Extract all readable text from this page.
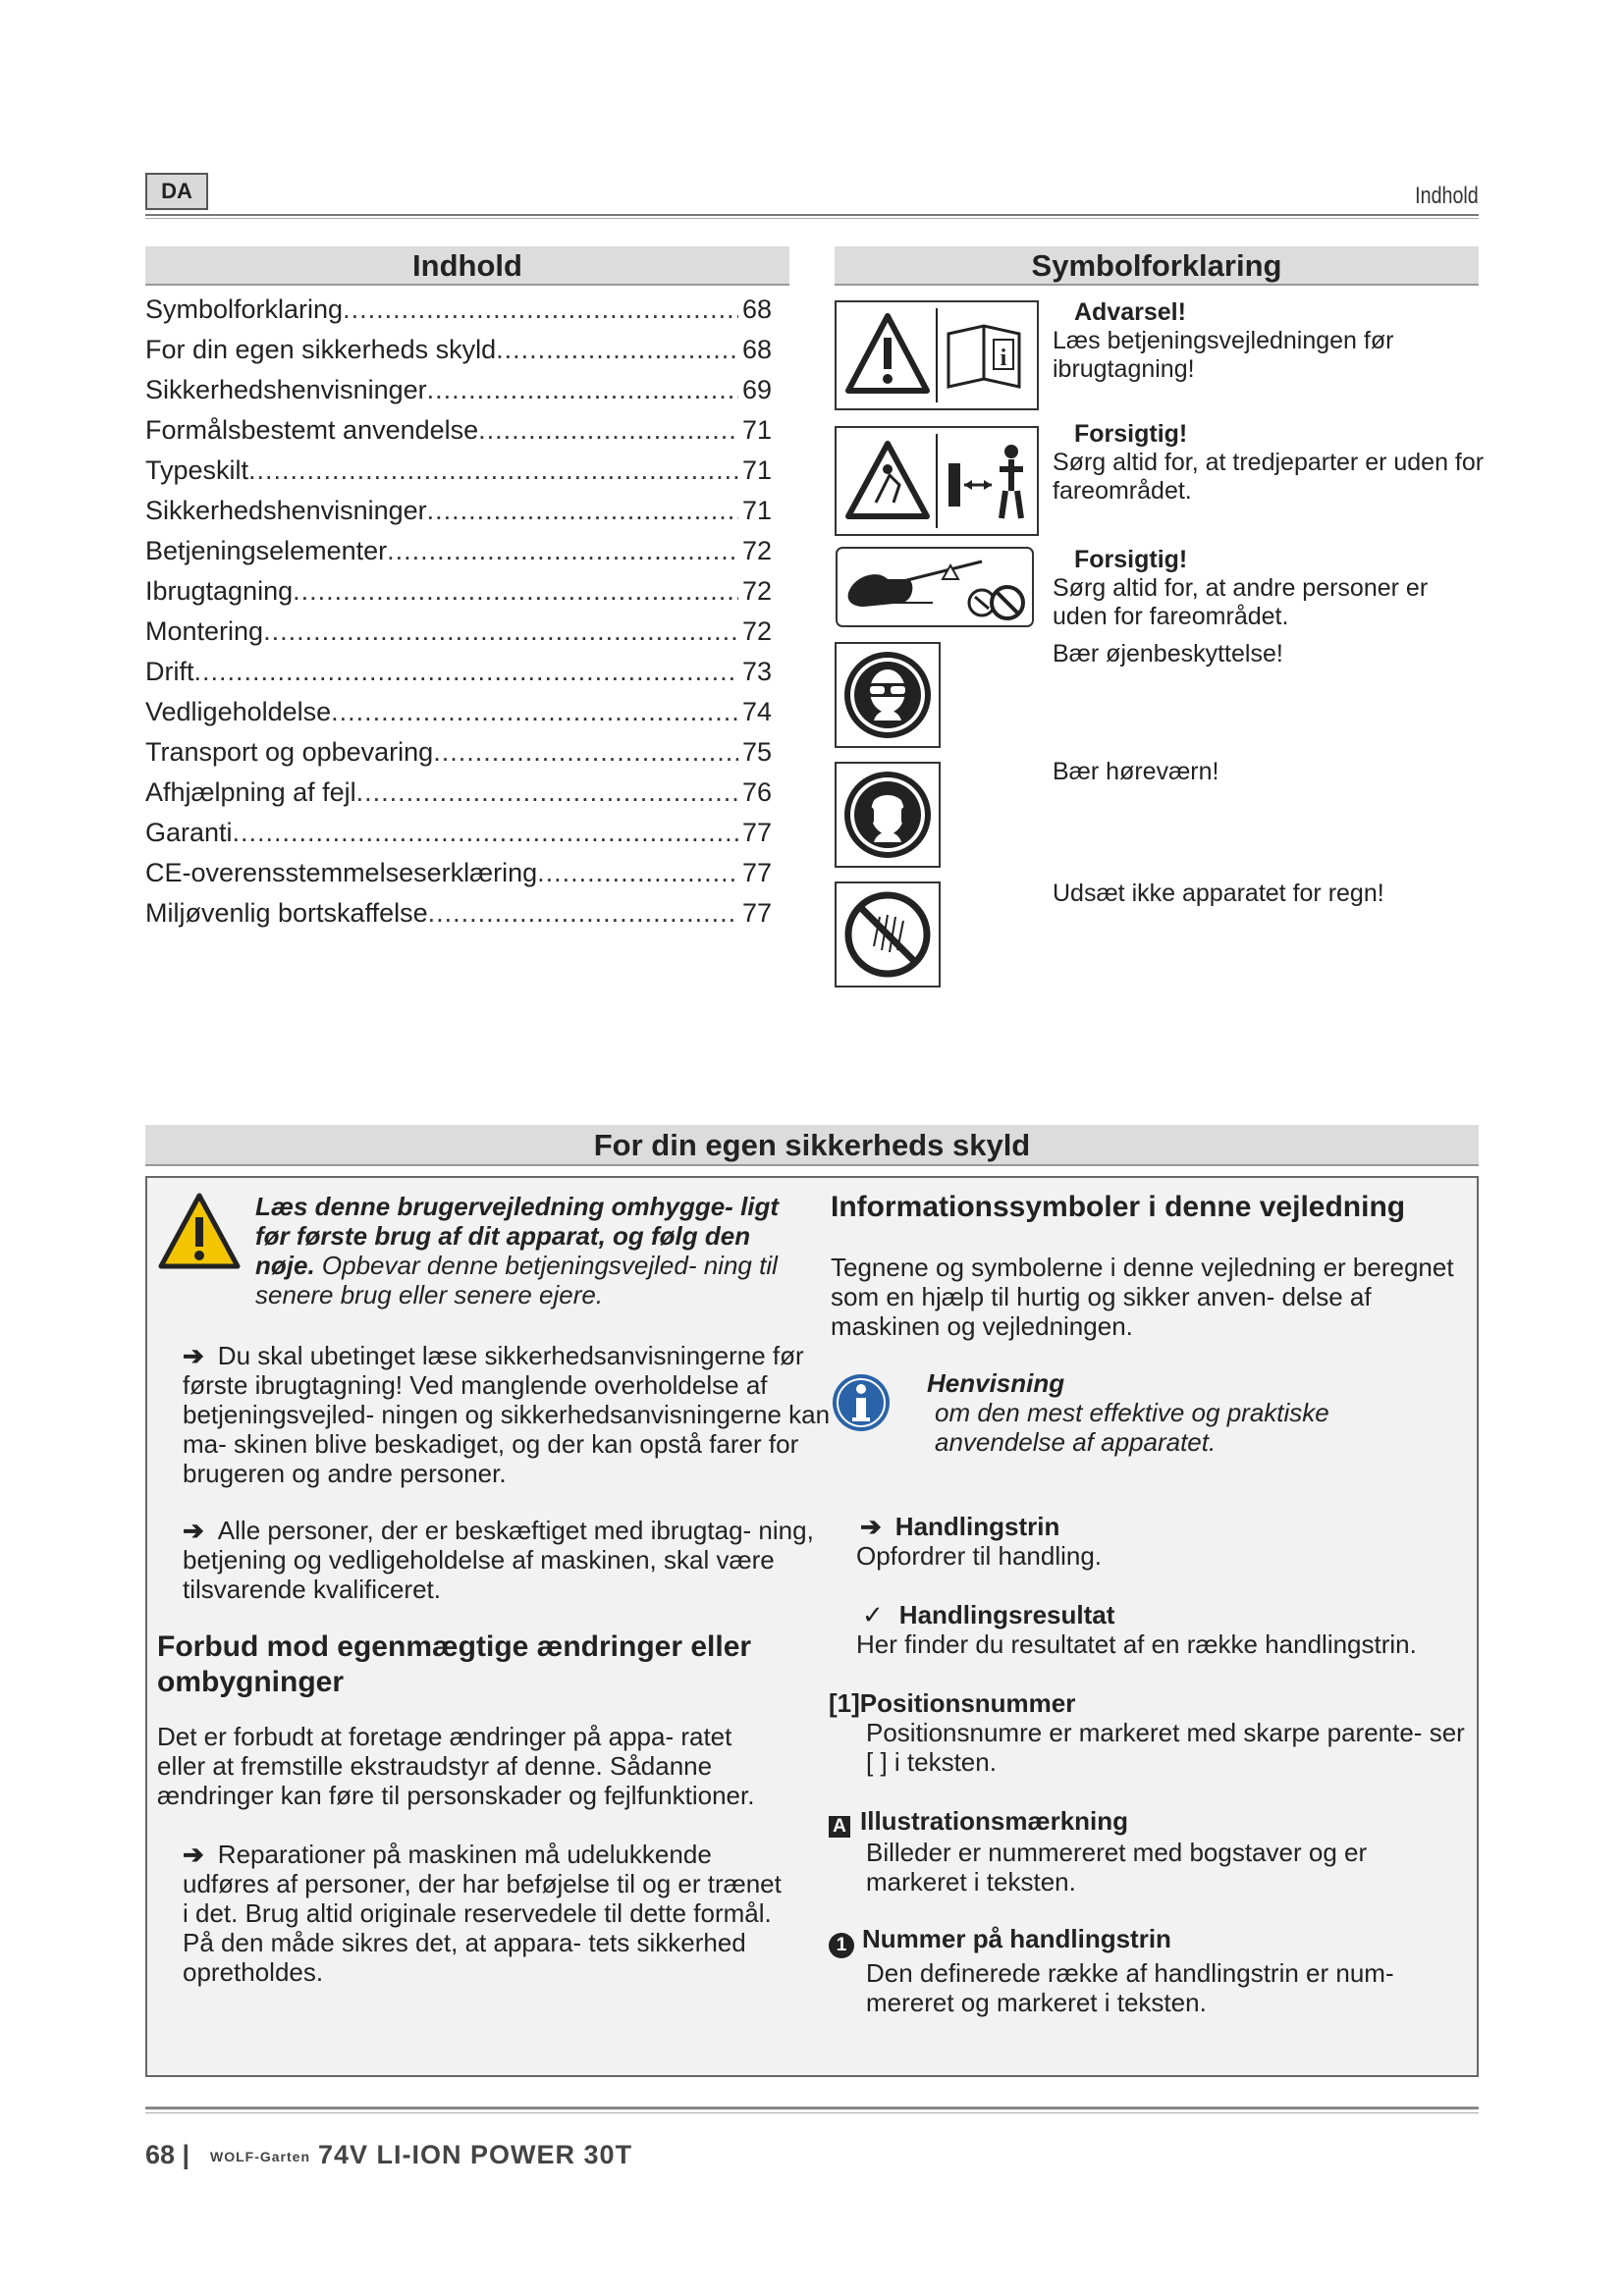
DA	Indhold
Indhold
Symbolforklaring .....	68
For din egen sikkerheds skyld .....	68
Sikkerhedshenvisninger .....	69
Formålsbestemt anvendelse .....	71
Typeskilt .....	71
Sikkerhedshenvisninger .....	71
Betjeningselementer .....	72
Ibrugtagning .....	72
Montering .....	72
Drift .....	73
Vedligeholdelse .....	74
Transport og opbevaring .....	75
Afhjælpning af fejl .....	76
Garanti .....	77
CE-overensstemmelseserklæring .....	77
Miljøvenlig bortskaffelse .....	77
Symbolforklaring
i
Advarsel!
Læs betjeningsvejledningen før ibrugtagning!
Forsigtig!
Sørg altid for, at tredjeparter er uden for fareområdet.
Forsigtig!
Sørg altid for, at andre personer er uden for fareområdet.
Bær øjenbeskyttelse!
Bær høreværn!
Udsæt ikke apparatet for regn!
For din egen sikkerheds skyld
Læs denne brugervejledning omhygge- ligt før første brug af dit apparat, og følg den nøje. Opbevar denne betjeningsvejled- ning til senere brug eller senere ejere.
➔ Du skal ubetinget læse sikkerhedsanvisningerne før første ibrugtagning! Ved manglende overholdelse af betjeningsvejled- ningen og sikkerhedsanvisningerne kan ma- skinen blive beskadiget, og der kan opstå farer for brugeren og andre personer.
➔ Alle personer, der er beskæftiget med ibrugtag- ning, betjening og vedligeholdelse af maskinen, skal være tilsvarende kvalificeret.
Forbud mod egenmægtige ændringer eller ombygninger
Det er forbudt at foretage ændringer på appa- ratet eller at fremstille ekstraudstyr af denne. Sådanne ændringer kan føre til personskader og fejlfunktioner.
➔ Reparationer på maskinen må udelukkende udføres af personer, der har beføjelse til og er trænet i det. Brug altid originale reservedele til dette formål. På den måde sikres det, at appara- tets sikkerhed opretholdes.
Informationssymboler i denne vejledning
Tegnene og symbolerne i denne vejledning er beregnet som en hjælp til hurtig og sikker anven- delse af maskinen og vejledningen.
Henvisning
om den mest effektive og praktiske anvendelse af apparatet.
➔ Handlingstrin
Opfordrer til handling.
✓ Handlingsresultat
Her finder du resultatet af en række handlingstrin.
[1]Positionsnummer
Positionsnumre er markeret med skarpe parente- ser [ ] i teksten.
A Illustrationsmærkning
Billeder er nummereret med bogstaver og er markeret i teksten.
1 Nummer på handlingstrin
Den definerede række af handlingstrin er num- mereret og markeret i teksten.
68 | WOLF-Garten 74V LI-ION POWER 30T
